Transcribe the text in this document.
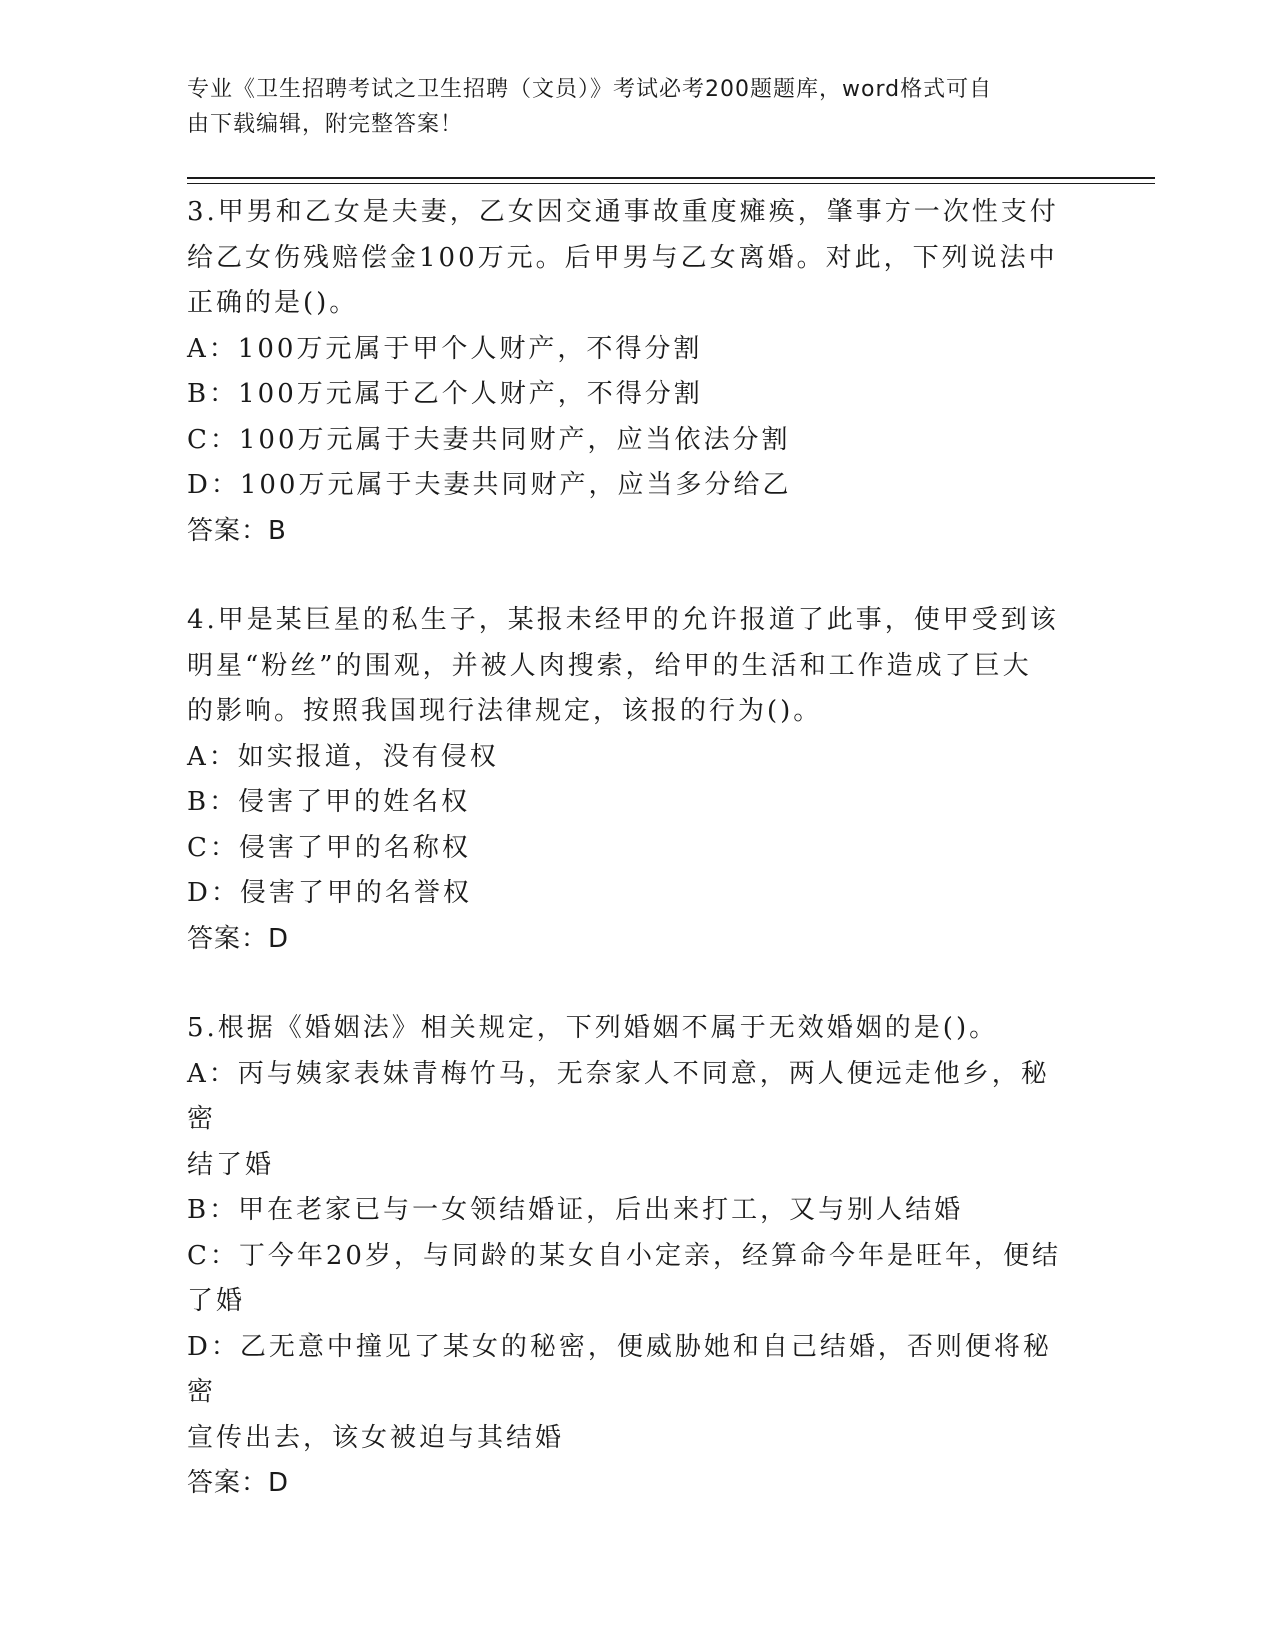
专业《卫生招聘考试之卫生招聘（文员）》考试必考200题题库，word格式可自
由下载编辑，附完整答案！
3.甲男和乙女是夫妻，乙女因交通事故重度瘫痪，肇事方一次性支付
给乙女伤残赔偿金100万元。后甲男与乙女离婚。对此，下列说法中
正确的是()。
A：100万元属于甲个人财产，不得分割
B：100万元属于乙个人财产，不得分割
C：100万元属于夫妻共同财产，应当依法分割
D：100万元属于夫妻共同财产，应当多分给乙
答案：B
4.甲是某巨星的私生子，某报未经甲的允许报道了此事，使甲受到该
明星“粉丝”的围观，并被人肉搜索，给甲的生活和工作造成了巨大
的影响。按照我国现行法律规定，该报的行为()。
A：如实报道，没有侵权
B：侵害了甲的姓名权
C：侵害了甲的名称权
D：侵害了甲的名誉权
答案：D
5.根据《婚姻法》相关规定，下列婚姻不属于无效婚姻的是()。
A：丙与姨家表妹青梅竹马，无奈家人不同意，两人便远走他乡，秘密
结了婚
B：甲在老家已与一女领结婚证，后出来打工，又与别人结婚
C：丁今年20岁，与同龄的某女自小定亲，经算命今年是旺年，便结
了婚
D：乙无意中撞见了某女的秘密，便威胁她和自己结婚，否则便将秘密
宣传出去，该女被迫与其结婚
答案：D
